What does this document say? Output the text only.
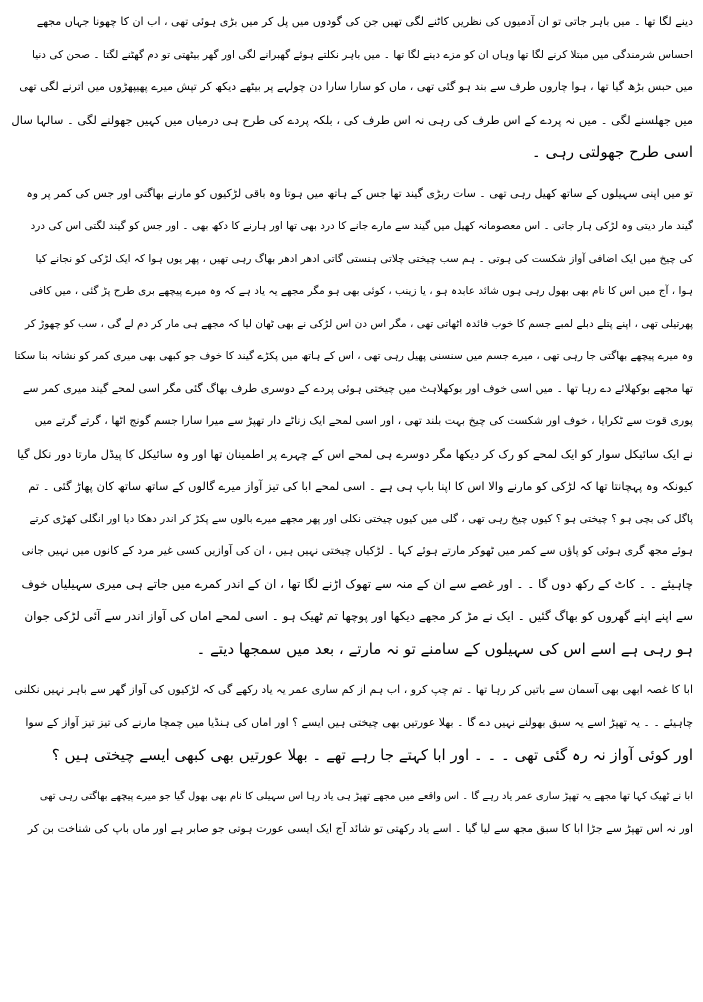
دینے لگا تھا ۔ میں باہر جاتی تو ان آدمیوں کی نظریں کاٹنے لگی تھیں جن کی گودوں میں پل کر میں بڑی ہوئی تھی ، اب ان کا چھونا جہاں مجھے
احساس شرمندگی میں مبتلا کرنے لگا تھا وہاں ان کو مزے دینے لگا تھا ۔ میں باہر نکلتے ہوئے گھبرانے لگی اور گھر بیٹھتی تو دم گھٹنے لگتا ۔ صحن کی دنیا
میں حبس بڑھ گیا تھا ، ہوا چاروں طرف سے بند ہو گئی تھی ، ماں کو سارا سارا دن چولہے پر بیٹھے دیکھ کر تپش میرے پھیپھڑوں میں اترنے لگی تھی
میں جھلسنے لگی ۔ میں نہ پردے کے اس طرف کی رہی نہ اس طرف کی ، بلکہ پردے کی طرح ہی درمیاں میں کہیں جھولنے لگی ۔ سالہا سال
اسی طرح جھولتی رہی ۔
تو میں اپنی سہیلوں کے ساتھ کھیل رہی تھی ۔ سات ربڑی گیند تھا جس کے ہاتھ میں ہوتا وہ باقی لڑکیوں کو مارنے بھاگتی اور جس کی کمر پر وہ
گیند مار دیتی وہ لڑکی ہار جاتی ۔ اس معصومانہ کھیل میں گیند سے مارے جانے کا درد بھی تھا اور ہارنے کا دکھ بھی ۔ اور جس کو گیند لگتی اس کی درد
کی چیخ میں ایک اضافی آواز شکست کی ہوتی ۔ ہم سب چیختی چلاتی ہنستی گاتی ادھر ادھر بھاگ رہی تھیں ، پھر یوں ہوا کہ ایک لڑکی کو نجانے کیا
ہوا ، آج میں اس کا نام بھی بھول رہی ہوں شائد عابدہ ہو ، یا زینب ، کوئی بھی ہو مگر مجھے یہ یاد ہے کہ وہ میرے پیچھے بری طرح پڑ گئی ، میں کافی
پھرتیلی تھی ، اپنے پتلے دبلے لمبے جسم کا خوب فائدہ اٹھاتی تھی ، مگر اس دن اس لڑکی نے بھی ٹھان لیا کہ مجھے ہی مار کر دم لے گی ، سب کو چھوڑ کر
وہ میرے پیچھے بھاگتی جا رہی تھی ، میرے جسم میں سنسنی پھیل رہی تھی ، اس کے ہاتھ میں پکڑے گیند کا خوف جو کبھی بھی میری کمر کو نشانہ بنا سکتا
تھا مجھے بوکھلائے دے رہا تھا ۔ میں اسی خوف اور بوکھلاہٹ میں چیختی ہوئی پردے کے دوسری طرف بھاگ گئی مگر اسی لمحے گیند میری کمر سے
پوری قوت سے ٹکرایا ، خوف اور شکست کی چیخ بہت بلند تھی ، اور اسی لمحے ایک زناٹے دار تھپڑ سے میرا سارا جسم گونج اٹھا ، گرتے گرتے میں
نے ایک سائیکل سوار کو ایک لمحے کو رک کر دیکھا مگر دوسرے ہی لمحے اس کے چہرے پر اطمینان تھا اور وہ سائیکل کا پیڈل مارتا دور نکل گیا
کیونکہ وہ پہچانتا تھا کہ لڑکی کو مارنے والا اس کا اپنا باپ ہی ہے ۔ اسی لمحے ابا کی تیز آواز میرے گالوں کے ساتھ ساتھ کان پھاڑ گئی ۔ تم
پاگل کی بچی ہو ؟ چیختی ہو ؟ کیوں چیخ رہی تھی ، گلی میں کیوں چیختی نکلی اور پھر مجھے میرے بالوں سے پکڑ کر اندر دھکا دیا اور انگلی کھڑی کرتے
ہوئے مجھ گری ہوئی کو پاؤں سے کمر میں ٹھوکر مارتے ہوئے کہا ۔ لڑکیاں چیختی نہیں ہیں ، ان کی آوازیں کسی غیر مرد کے کانوں میں نہیں جانی
چاہیئے ۔ ۔ کاٹ کے رکھ دوں گا ۔ ۔ اور غصے سے ان کے منہ سے تھوک اڑنے لگا تھا ، ان کے اندر کمرے میں جاتے ہی میری سہیلیاں خوف
سے اپنے اپنے گھروں کو بھاگ گئیں ۔ ایک نے مڑ کر مجھے دیکھا اور پوچھا تم ٹھیک ہو ۔ اسی لمحے اماں کی آواز اندر سے آئی لڑکی جوان
ہو رہی ہے اسے اس کی سہیلوں کے سامنے تو نہ مارتے ، بعد میں سمجھا دیتے ۔
ابا کا غصہ ابھی بھی آسمان سے باتیں کر رہا تھا ۔ تم چپ کرو ، اب ہم از کم ساری عمر یہ یاد رکھے گی کہ لڑکیوں کی آواز گھر سے باہر نہیں نکلنی
چاہیئے ۔ ۔ یہ تھپڑ اسے یہ سبق بھولنے نہیں دے گا ۔ بھلا عورتیں بھی چیختی ہیں ایسے ؟ اور اماں کی ہنڈیا میں چمچا مارنے کی تیز تیز آواز کے سوا
اور کوئی آواز نہ رہ گئی تھی ۔ ۔ ۔ اور ابا کہتے جا رہے تھے ۔ بھلا عورتیں بھی کبھی ایسے چیختی ہیں ؟
ابا نے ٹھیک کہا تھا مجھے یہ تھپڑ ساری عمر یاد رہے گا ۔ اس واقعے میں مجھے تھپڑ ہی یاد رہا اس سہیلی کا نام بھی بھول گیا جو میرے پیچھے بھاگتی رہی تھی
اور نہ اس تھپڑ سے جڑا ابا کا سبق مجھ سے لیا گیا ۔ اسے یاد رکھتی تو شائد آج ایک ایسی عورت ہوتی جو صابر ہے اور ماں باپ کی شناخت بن کر
